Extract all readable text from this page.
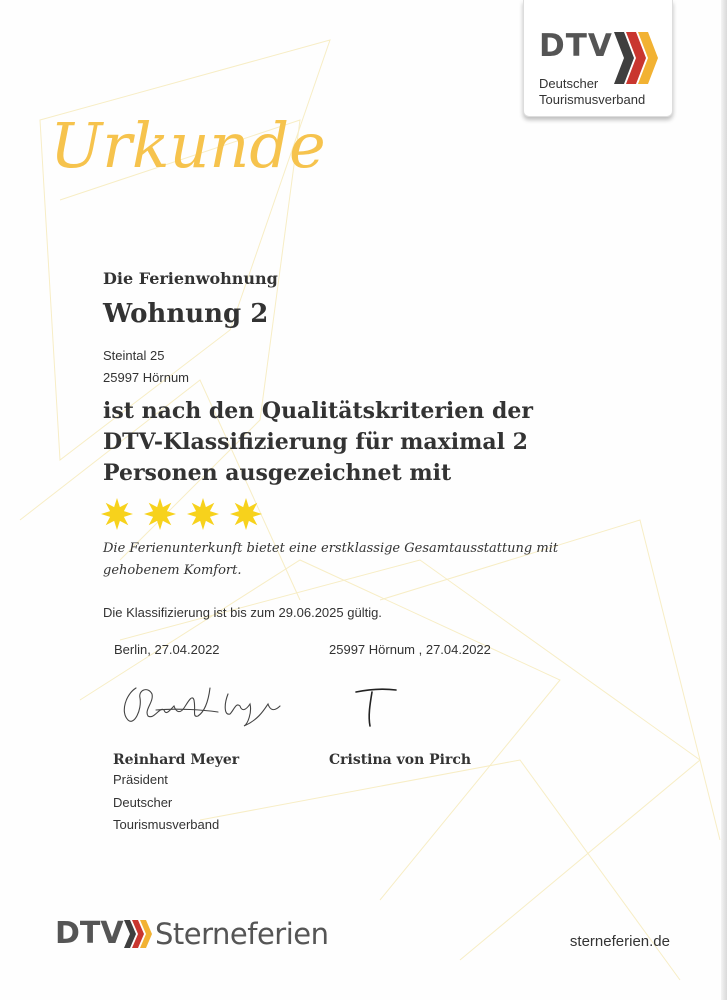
DTV
Deutscher
Tourismusverband
Urkunde
Die Ferienwohnung
Wohnung 2
Steintal 25
25997 Hörnum
ist nach den Qualitätskriterien der
DTV-Klassifizierung für maximal 2
Personen ausgezeichnet mit
Die Ferienunterkunft bietet eine erstklassige Gesamtausstattung mit
gehobenem Komfort.
Die Klassifizierung ist bis zum 29.06.2025 gültig.
Berlin, 27.04.2022	25997 Hörnum , 27.04.2022
Reinhard Meyer	Cristina von Pirch
Präsident
Deutscher
Tourismusverband
DTV Sterneferien	sterneferien.de
